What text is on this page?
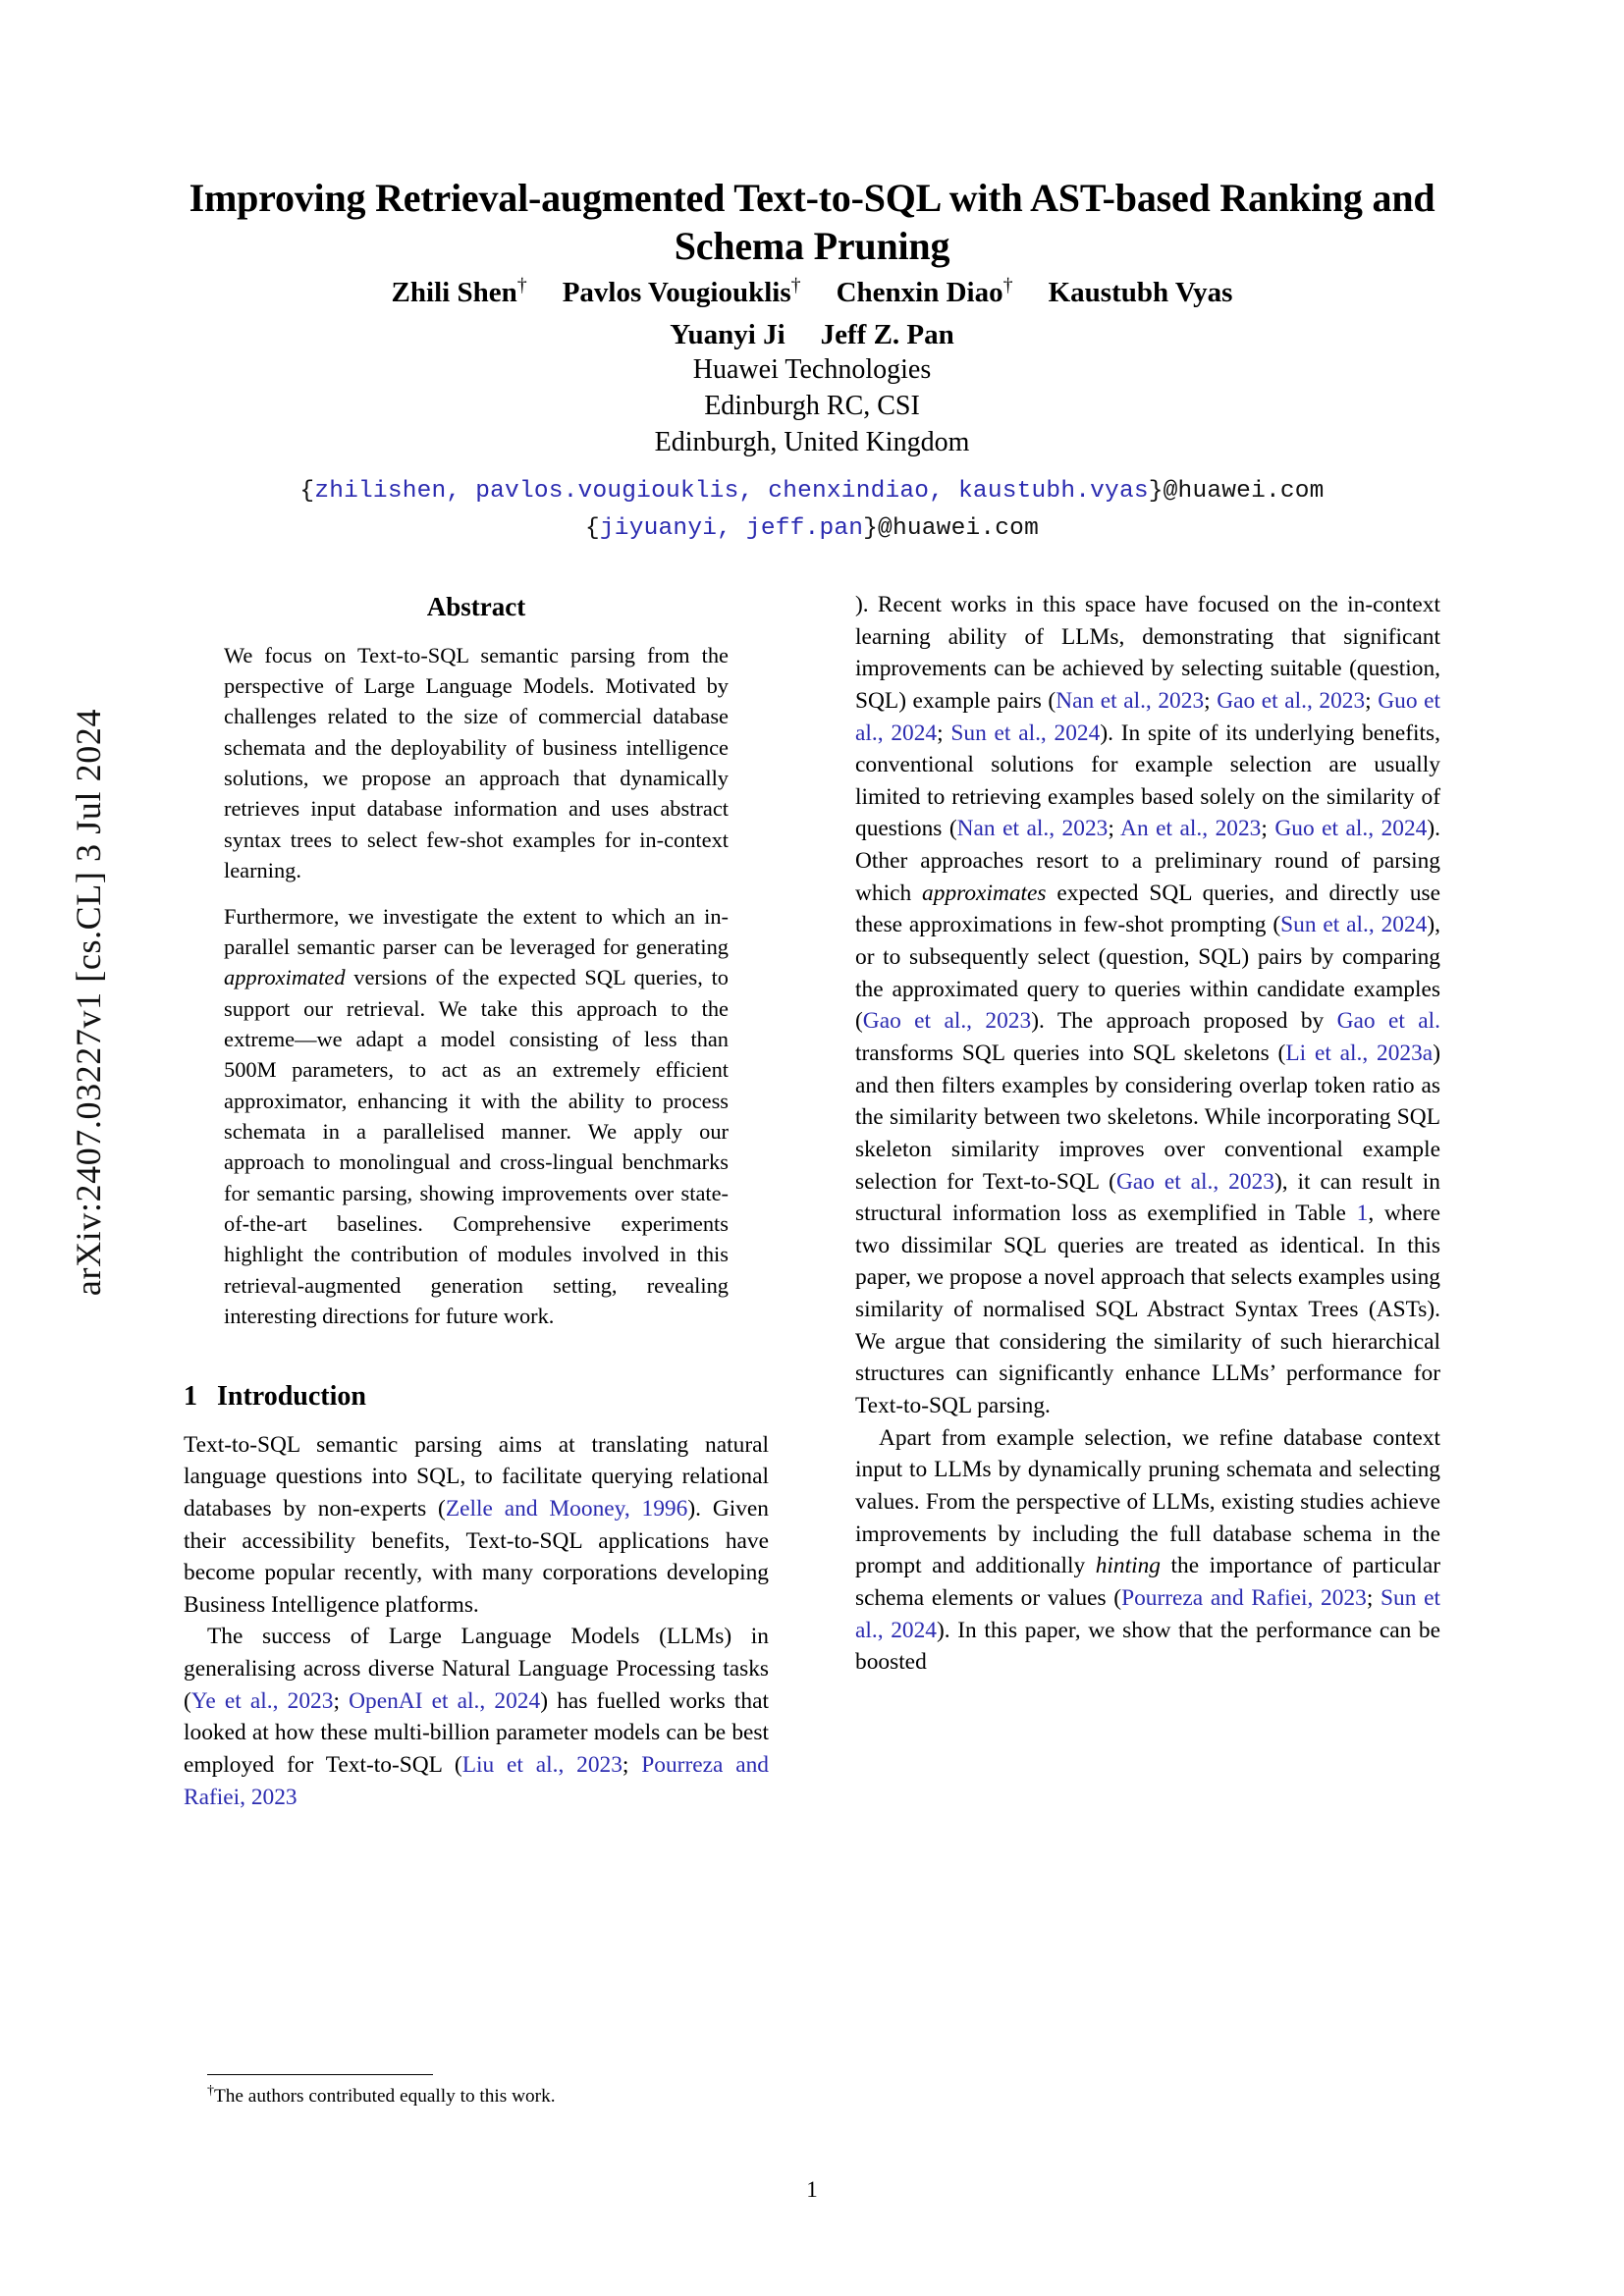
arXiv:2407.03227v1 [cs.CL] 3 Jul 2024
Improving Retrieval-augmented Text-to-SQL with AST-based Ranking and Schema Pruning
Zhili Shen† Pavlos Vougiouklis† Chenxin Diao† Kaustubh Vyas
Yuanyi Ji Jeff Z. Pan
Huawei Technologies
Edinburgh RC, CSI
Edinburgh, United Kingdom
{zhilishen, pavlos.vougiouklis, chenxindiao, kaustubh.vyas}@huawei.com
{jiyuanyi, jeff.pan}@huawei.com
Abstract

We focus on Text-to-SQL semantic parsing from the perspective of Large Language Models. Motivated by challenges related to the size of commercial database schemata and the deployability of business intelligence solutions, we propose an approach that dynamically retrieves input database information and uses abstract syntax trees to select few-shot examples for in-context learning.

Furthermore, we investigate the extent to which an in-parallel semantic parser can be leveraged for generating approximated versions of the expected SQL queries, to support our retrieval. We take this approach to the extreme—we adapt a model consisting of less than 500M parameters, to act as an extremely efficient approximator, enhancing it with the ability to process schemata in a parallelised manner. We apply our approach to monolingual and cross-lingual benchmarks for semantic parsing, showing improvements over state-of-the-art baselines. Comprehensive experiments highlight the contribution of modules involved in this retrieval-augmented generation setting, revealing interesting directions for future work.

1 Introduction

Text-to-SQL semantic parsing aims at translating natural language questions into SQL, to facilitate querying relational databases by non-experts (Zelle and Mooney, 1996). Given their accessibility benefits, Text-to-SQL applications have become popular recently, with many corporations developing Business Intelligence platforms.

The success of Large Language Models (LLMs) in generalising across diverse Natural Language Processing tasks (Ye et al., 2023; OpenAI et al., 2024) has fuelled works that looked at how these multi-billion parameter models can be best employed for Text-to-SQL (Liu et al., 2023; Pourreza and Rafiei, 2023

). Recent works in this space have focused on the in-context learning ability of LLMs, demonstrating that significant improvements can be achieved by selecting suitable (question, SQL) example pairs (Nan et al., 2023; Gao et al., 2023; Guo et al., 2024; Sun et al., 2024). In spite of its underlying benefits, conventional solutions for example selection are usually limited to retrieving examples based solely on the similarity of questions (Nan et al., 2023; An et al., 2023; Guo et al., 2024). Other approaches resort to a preliminary round of parsing which approximates expected SQL queries, and directly use these approximations in few-shot prompting (Sun et al., 2024), or to subsequently select (question, SQL) pairs by comparing the approximated query to queries within candidate examples (Gao et al., 2023). The approach proposed by Gao et al. transforms SQL queries into SQL skeletons (Li et al., 2023a) and then filters examples by considering overlap token ratio as the similarity between two skeletons. While incorporating SQL skeleton similarity improves over conventional example selection for Text-to-SQL (Gao et al., 2023), it can result in structural information loss as exemplified in Table 1, where two dissimilar SQL queries are treated as identical. In this paper, we propose a novel approach that selects examples using similarity of normalised SQL Abstract Syntax Trees (ASTs). We argue that considering the similarity of such hierarchical structures can significantly enhance LLMs’ performance for Text-to-SQL parsing.

Apart from example selection, we refine database context input to LLMs by dynamically pruning schemata and selecting values. From the perspective of LLMs, existing studies achieve improvements by including the full database schema in the prompt and additionally hinting the importance of particular schema elements or values (Pourreza and Rafiei, 2023; Sun et al., 2024). In this paper, we show that the performance can be boosted

†The authors contributed equally to this work.
1
